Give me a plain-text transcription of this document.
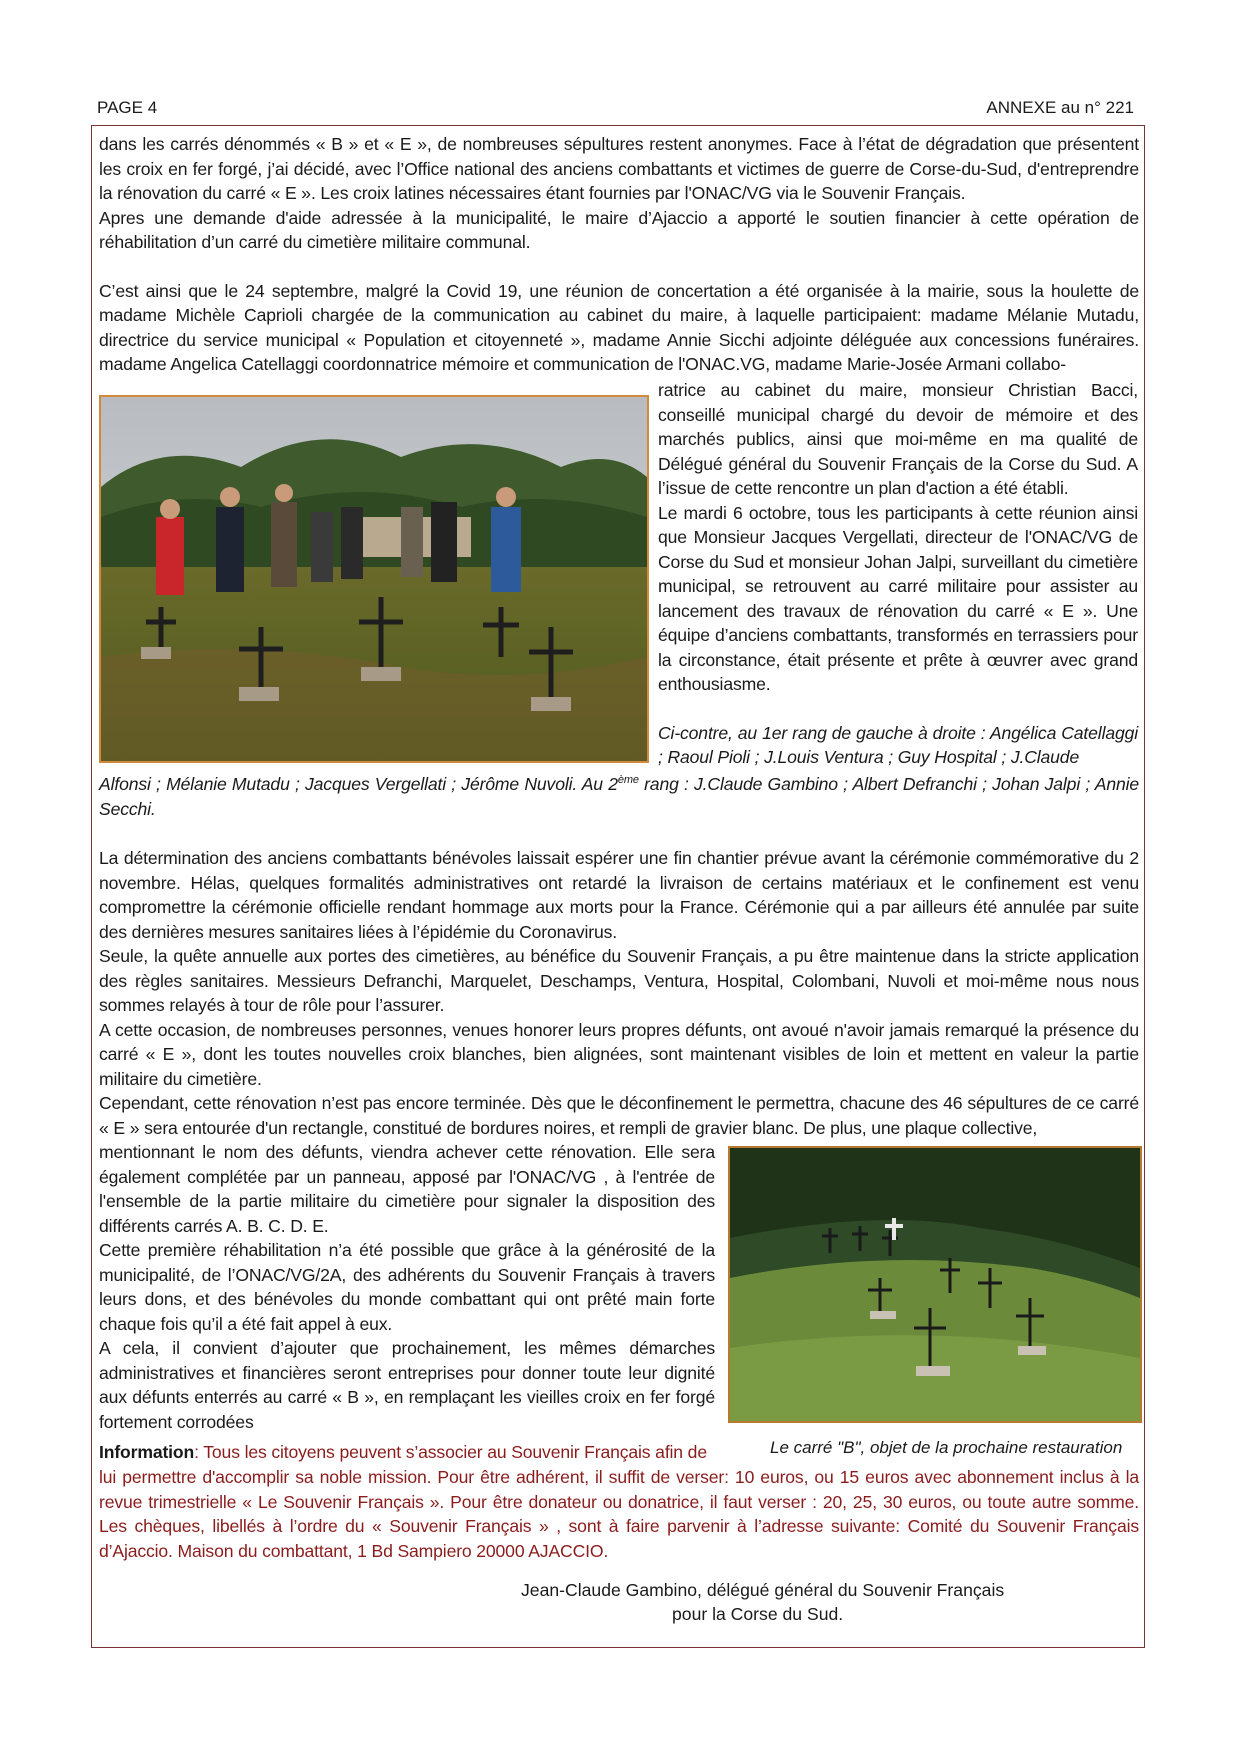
PAGE 4	ANNEXE au n° 221

dans les carrés dénommés « B » et « E », de nombreuses sépultures restent anonymes. Face à l’état de dégradation que présentent les croix en fer forgé, j’ai décidé, avec l’Office national des anciens combattants et victimes de guerre de Corse-du-Sud, d'entreprendre la rénovation du carré « E ». Les croix latines nécessaires étant fournies par l'ONAC/VG via le Souvenir Français.

Apres une demande d'aide adressée à la municipalité, le maire d’Ajaccio a apporté le soutien financier à cette opération de réhabilitation d’un carré du cimetière militaire communal.

C’est ainsi que le 24 septembre, malgré la Covid 19, une réunion de concertation a été organisée à la mairie, sous la houlette de madame Michèle Caprioli chargée de la communication au cabinet du maire, à laquelle participaient: madame Mélanie Mutadu, directrice du service municipal « Population et citoyenneté », madame Annie Sicchi adjointe déléguée aux concessions funéraires. madame Angelica Catellaggi coordonnatrice mémoire et communication de l'ONAC.VG, madame Marie-Josée Armani collabo-

ratrice au cabinet du maire, monsieur Christian Bacci, conseillé municipal chargé du devoir de mémoire et des marchés publics, ainsi que moi-même en ma qualité de Délégué général du Souvenir Français de la Corse du Sud. A l’issue de cette rencontre un plan d'action a été établi.

Le mardi 6 octobre, tous les participants à cette réunion ainsi que Monsieur Jacques Vergellati, directeur de l'ONAC/VG de Corse du Sud et monsieur Johan Jalpi, surveillant du cimetière municipal, se retrouvent au carré militaire pour assister au lancement des travaux de rénovation du carré « E ». Une équipe d’anciens combattants, transformés en terrassiers pour la circonstance, était présente et prête à œuvrer avec grand enthousiasme.

Ci-contre, au 1er rang de gauche à droite : Angélica Catellaggi ; Raoul Pioli ; J.Louis Ventura ; Guy Hospital ; J.Claude

Alfonsi ; Mélanie Mutadu ; Jacques Vergellati ; Jérôme Nuvoli. Au 2ème rang : J.Claude Gambino ; Albert Defranchi ; Johan Jalpi ; Annie Secchi.

La détermination des anciens combattants bénévoles laissait espérer une fin chantier prévue avant la cérémonie commémorative du 2 novembre. Hélas, quelques formalités administratives ont retardé la livraison de certains matériaux et le confinement est venu compromettre la cérémonie officielle rendant hommage aux morts pour la France. Cérémonie qui a par ailleurs été annulée par suite des dernières mesures sanitaires liées à l’épidémie du Coronavirus.

Seule, la quête annuelle aux portes des cimetières, au bénéfice du Souvenir Français, a pu être maintenue dans la stricte application des règles sanitaires. Messieurs Defranchi, Marquelet, Deschamps, Ventura, Hospital, Colombani, Nuvoli et moi-même nous nous sommes relayés à tour de rôle pour l’assurer.

A cette occasion, de nombreuses personnes, venues honorer leurs propres défunts, ont avoué n'avoir jamais remarqué la présence du carré « E », dont les toutes nouvelles croix blanches, bien alignées, sont maintenant visibles de loin et mettent en valeur la partie militaire du cimetière.

Cependant, cette rénovation n’est pas encore terminée. Dès que le déconfinement le permettra, chacune des 46 sépultures de ce carré « E » sera entourée d'un rectangle, constitué de bordures noires, et rempli de gravier blanc. De plus, une plaque collective,

mentionnant le nom des défunts, viendra achever cette rénovation. Elle sera également complétée par un panneau, apposé par l'ONAC/VG , à l'entrée de l'ensemble de la partie militaire du cimetière pour signaler la disposition des différents carrés A. B. C. D. E.

Cette première réhabilitation n’a été possible que grâce à la générosité de la municipalité, de l’ONAC/VG/2A, des adhérents du Souvenir Français à travers leurs dons, et des bénévoles du monde combattant qui ont prêté main forte chaque fois qu’il a été fait appel à eux.

A cela, il convient d’ajouter que prochainement, les mêmes démarches administratives et financières seront entreprises pour donner toute leur dignité aux défunts enterrés au carré « B », en remplaçant les vieilles croix en fer forgé fortement corrodées

Le carré "B", objet de la prochaine restauration

Information: Tous les citoyens peuvent s’associer au Souvenir Français afin de

lui permettre d'accomplir sa noble mission. Pour être adhérent, il suffit de verser: 10 euros, ou 15 euros avec abonnement inclus à la revue trimestrielle « Le Souvenir Français ». Pour être donateur ou donatrice, il faut verser : 20, 25, 30 euros, ou toute autre somme. Les chèques, libellés à l’ordre du « Souvenir Français » , sont à faire parvenir à l’adresse suivante: Comité du Souvenir Français d’Ajaccio. Maison du combattant, 1 Bd Sampiero 20000 AJACCIO.

Jean-Claude Gambino, délégué général du Souvenir Français
pour la Corse du Sud.
